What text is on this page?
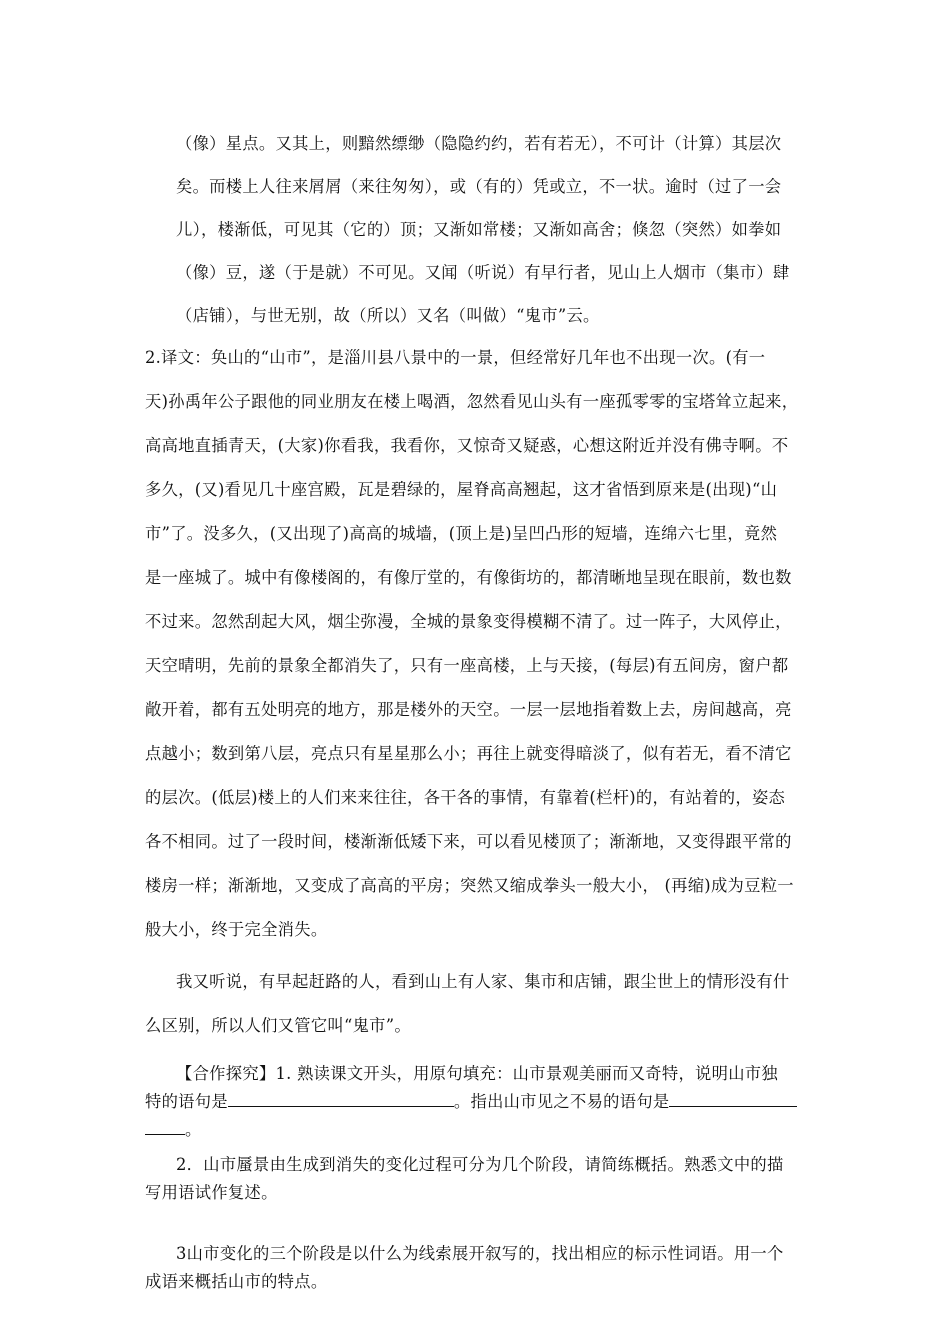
（像）星点。又其上，则黯然缥缈（隐隐约约，若有若无），不可计（计算）其层次
矣。而楼上人往来屑屑（来往匆匆），或（有的）凭或立，不一状。逾时（过了一会
儿），楼渐低，可见其（它的）顶；又渐如常楼；又渐如高舍；倏忽（突然）如拳如
（像）豆，遂（于是就）不可见。又闻（听说）有早行者，见山上人烟市（集市）肆
（店铺），与世无别，故（所以）又名（叫做）“鬼市”云。
2.译文：奂山的“山市”，是淄川县八景中的一景，但经常好几年也不出现一次。(有一
天)孙禹年公子跟他的同业朋友在楼上喝酒，忽然看见山头有一座孤零零的宝塔耸立起来，
高高地直插青天，(大家)你看我，我看你，又惊奇又疑惑，心想这附近并没有佛寺啊。不
多久，(又)看见几十座宫殿，瓦是碧绿的，屋脊高高翘起，这才省悟到原来是(出现)“山
市”了。没多久，(又出现了)高高的城墙，(顶上是)呈凹凸形的短墙，连绵六七里，竟然
是一座城了。城中有像楼阁的，有像厅堂的，有像街坊的，都清晰地呈现在眼前，数也数
不过来。忽然刮起大风，烟尘弥漫，全城的景象变得模糊不清了。过一阵子，大风停止，
天空晴明，先前的景象全都消失了，只有一座高楼，上与天接，(每层)有五间房，窗户都
敞开着，都有五处明亮的地方，那是楼外的天空。一层一层地指着数上去，房间越高，亮
点越小；数到第八层，亮点只有星星那么小；再往上就变得暗淡了，似有若无，看不清它
的层次。(低层)楼上的人们来来往往，各干各的事情，有靠着(栏杆)的，有站着的，姿态
各不相同。过了一段时间，楼渐渐低矮下来，可以看见楼顶了；渐渐地，又变得跟平常的
楼房一样；渐渐地，又变成了高高的平房；突然又缩成拳头一般大小， (再缩)成为豆粒一
般大小，终于完全消失。
我又听说，有早起赶路的人，看到山上有人家、集市和店铺，跟尘世上的情形没有什
么区别，所以人们又管它叫“鬼市”。
【合作探究】1. 熟读课文开头，用原句填充：山市景观美丽而又奇特，说明山市独
特的语句是	。指出山市见之不易的语句是
。
2．山市蜃景由生成到消失的变化过程可分为几个阶段，请简练概括。熟悉文中的描
写用语试作复述。
3山市变化的三个阶段是以什么为线索展开叙写的，找出相应的标示性词语。用一个
成语来概括山市的特点。
